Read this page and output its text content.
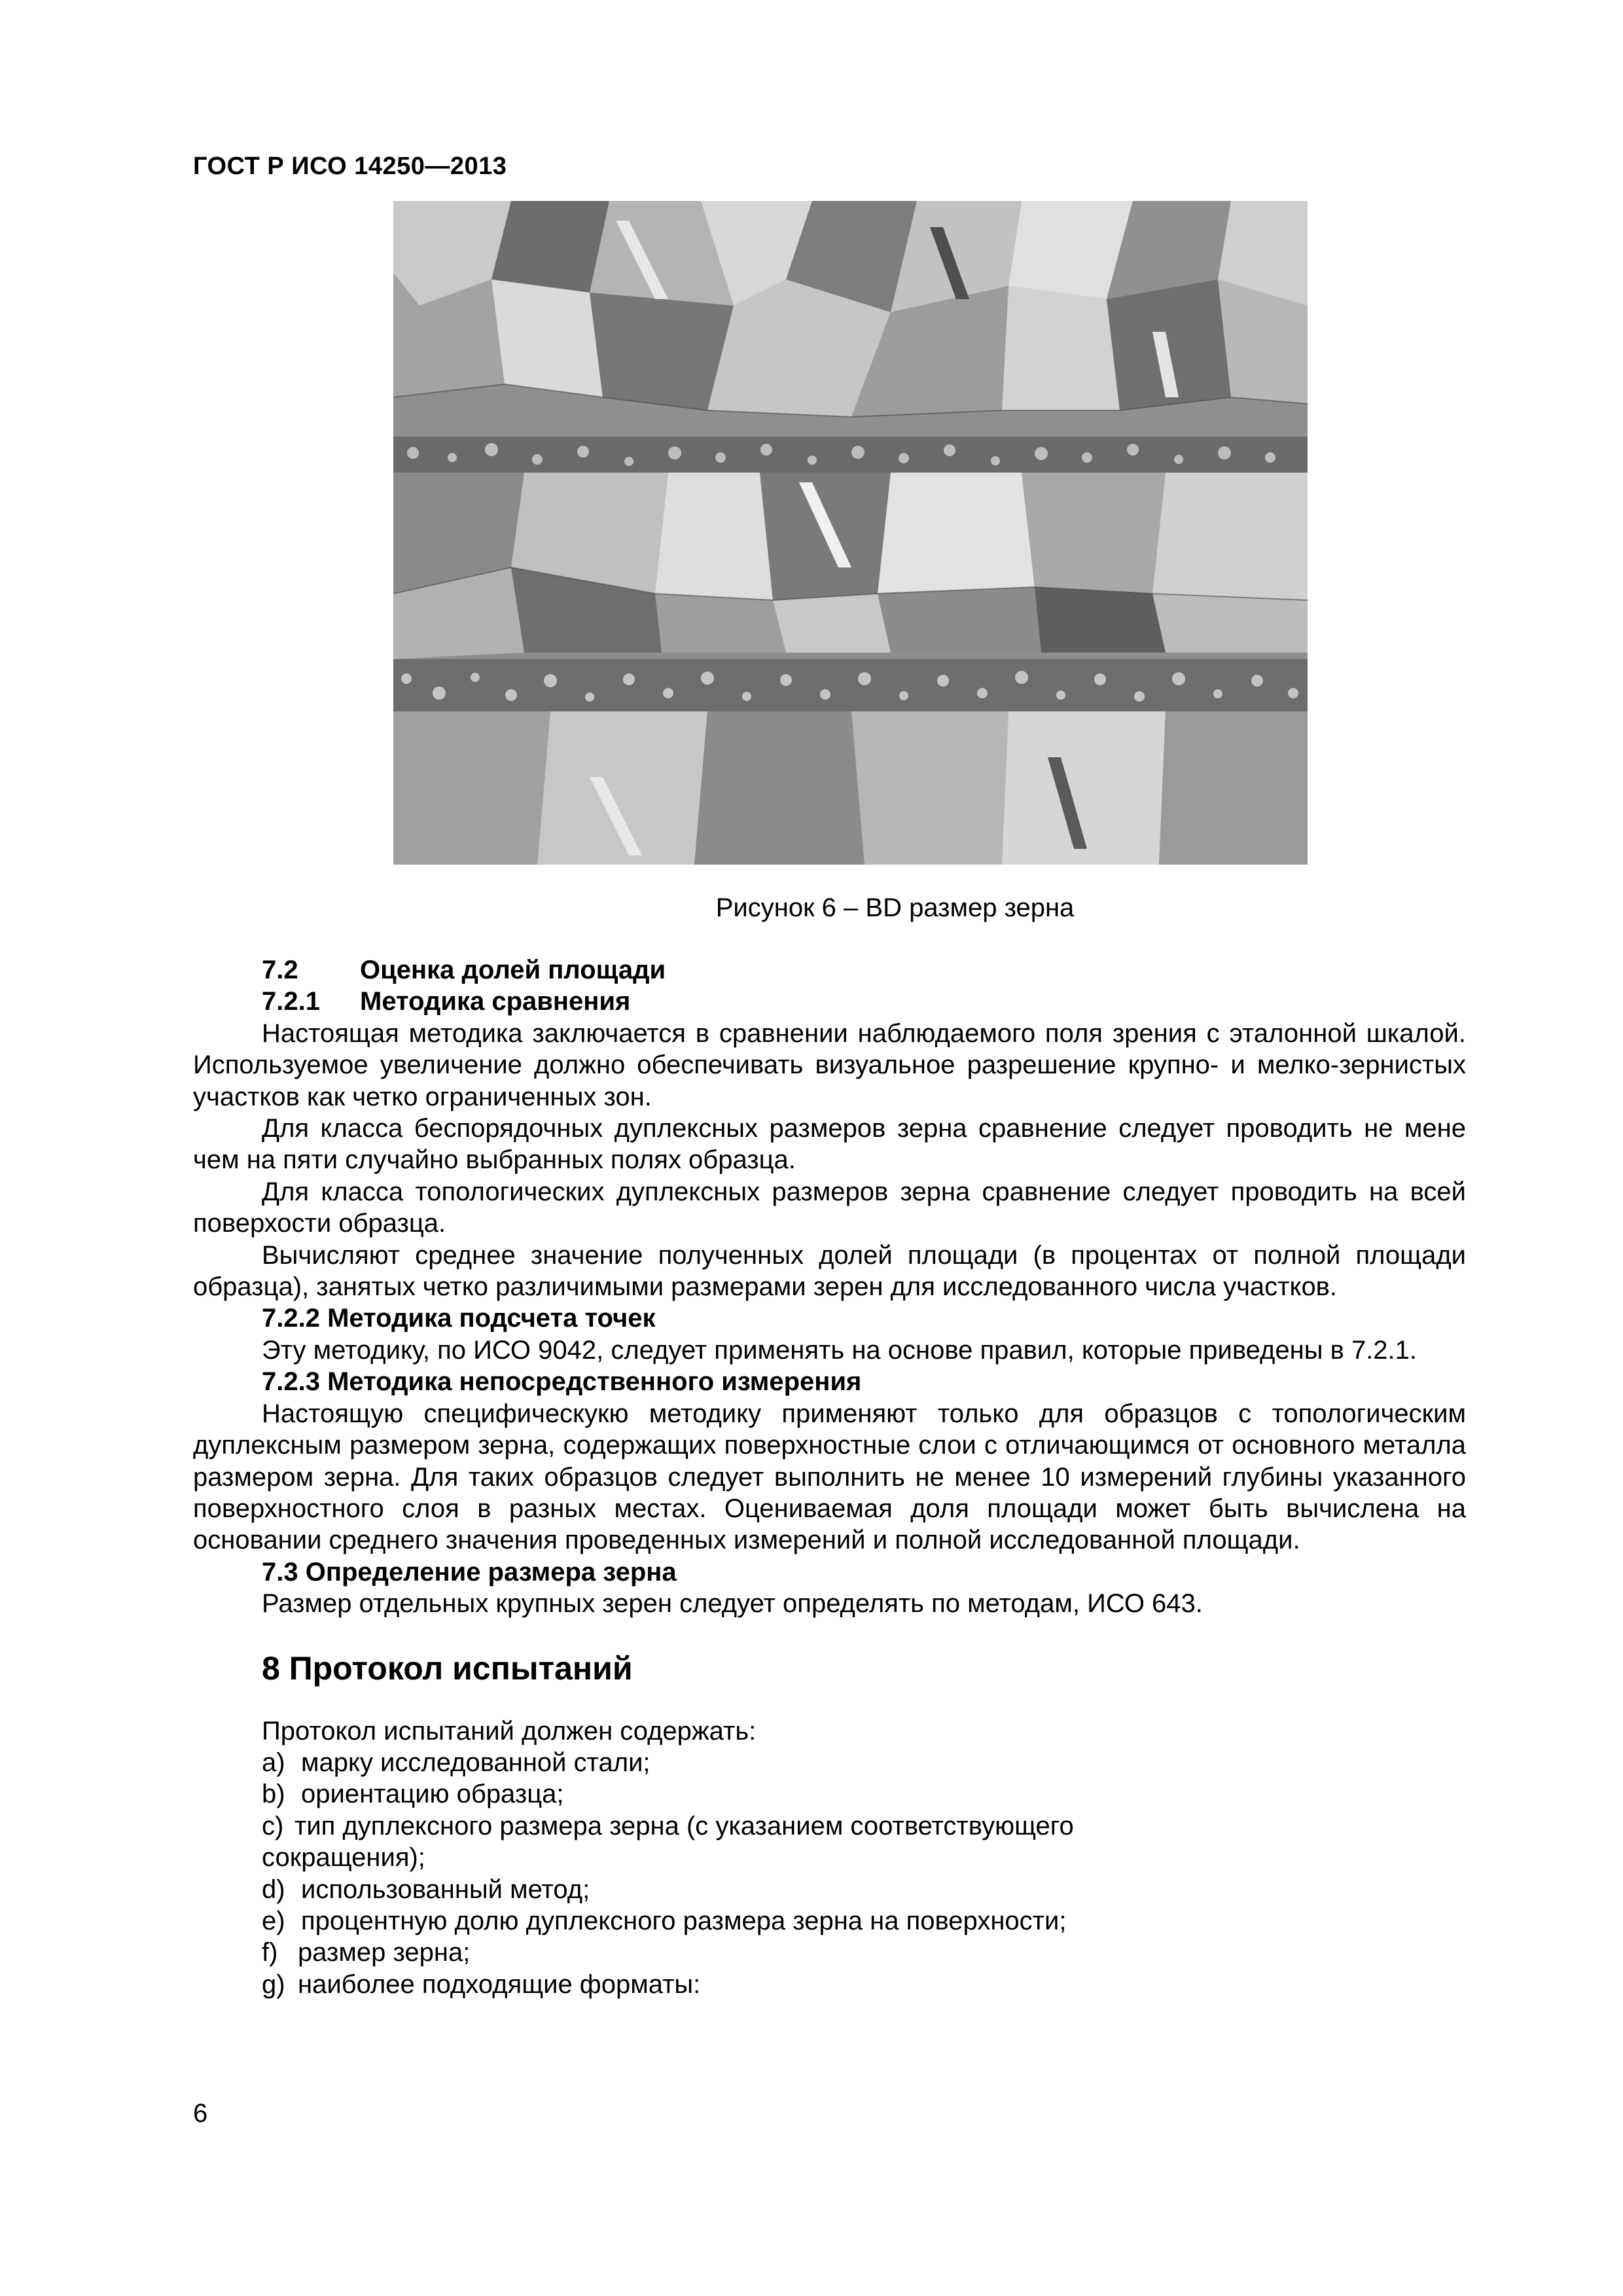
ГОСТ Р ИСО 14250—2013
Рисунок 6 – BD размер зерна
7.2 Оценка долей площади
7.2.1 Методика сравнения

Настоящая методика заключается в сравнении наблюдаемого поля зрения с эталонной шкалой. Используемое увеличение должно обеспечивать визуальное разрешение крупно- и мелко-зернистых участков как четко ограниченных зон.

Для класса беспорядочных дуплексных размеров зерна сравнение следует проводить не мене чем на пяти случайно выбранных полях образца.

Для класса топологических дуплексных размеров зерна сравнение следует проводить на всей поверхости образца.

Вычисляют среднее значение полученных долей площади (в процентах от полной площади образца), занятых четко различимыми размерами зерен для исследованного числа участков.

7.2.2 Методика подсчета точек

Эту методику, по ИСО 9042, следует применять на основе правил, которые приведены в 7.2.1.

7.2.3 Методика непосредственного измерения

Настоящую специфическукю методику применяют только для образцов с топологическим дуплексным размером зерна, содержащих поверхностные слои с отличающимся от основного металла размером зерна. Для таких образцов следует выполнить не менее 10 измерений глубины указанного поверхностного слоя в разных местах. Оцениваемая доля площади может быть вычислена на основании среднего значения проведенных измерений и полной исследованной площади.

7.3 Определение размера зерна

Размер отдельных крупных зерен следует определять по методам, ИСО 643.

8 Протокол испытаний
Протокол испытаний должен содержать:
a) марку исследованной стали;
b) ориентацию образца;
c) тип дуплексного размера зерна (с указанием соответствующего
сокращения);
d) использованный метод;
e) процентную долю дуплексного размера зерна на поверхности;
f) размер зерна;
g) наиболее подходящие форматы:
6
